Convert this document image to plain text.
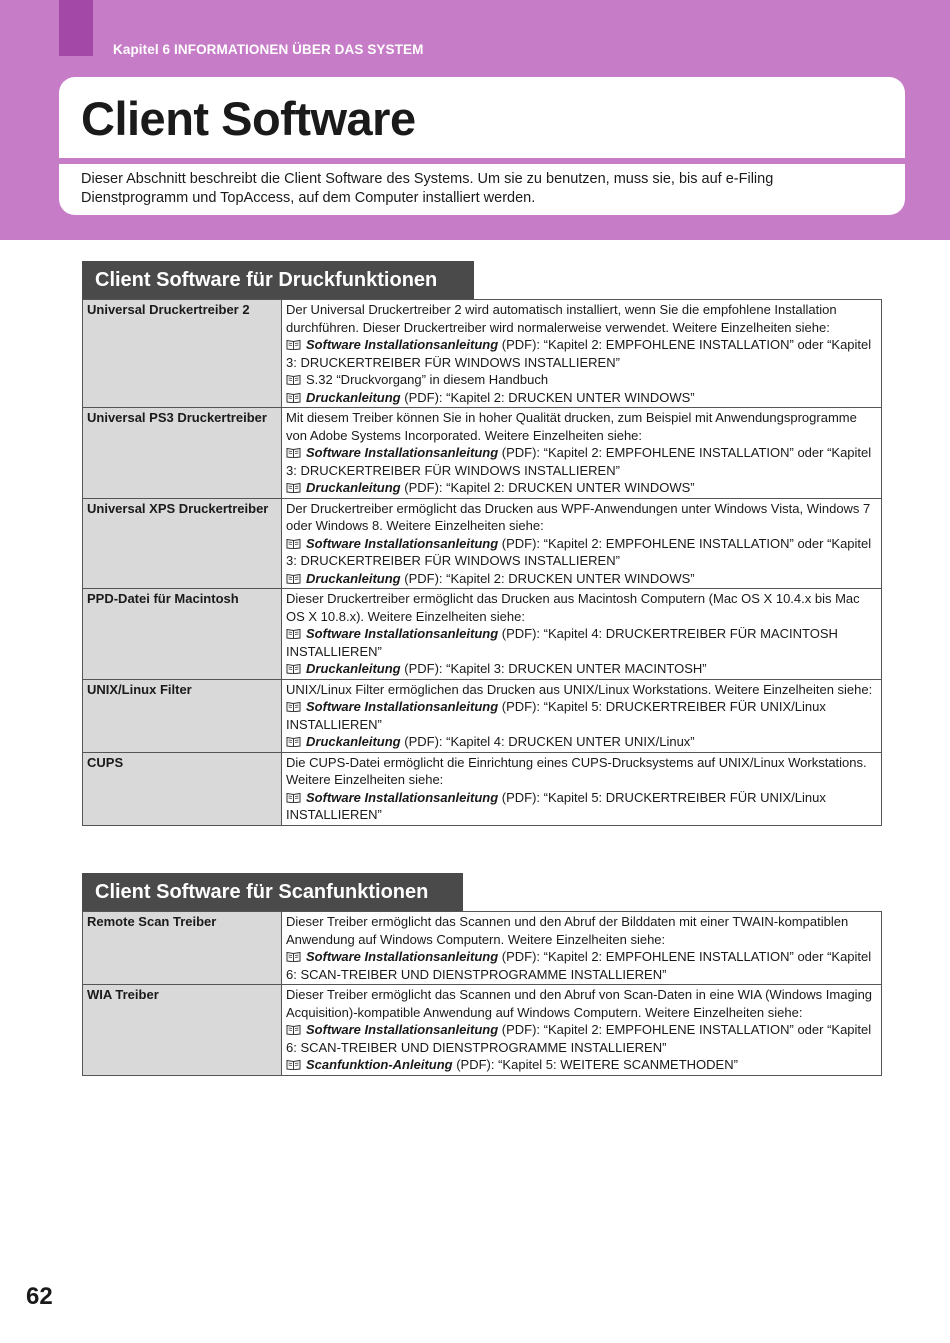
Kapitel 6 INFORMATIONEN ÜBER DAS SYSTEM
Client Software
Dieser Abschnitt beschreibt die Client Software des Systems. Um sie zu benutzen, muss sie, bis auf e-Filing Dienstprogramm und TopAccess, auf dem Computer installiert werden.
Client Software für Druckfunktionen
Universal Druckertreiber 2	Der Universal Druckertreiber 2 wird automatisch installiert, wenn Sie die empfohlene Installation durchführen. Dieser Druckertreiber wird normalerweise verwendet. Weitere Einzelheiten siehe:
Software Installationsanleitung (PDF): “Kapitel 2: EMPFOHLENE INSTALLATION” oder “Kapitel 3: DRUCKERTREIBER FÜR WINDOWS INSTALLIEREN”
S.32 “Druckvorgang” in diesem Handbuch
Druckanleitung (PDF): “Kapitel 2: DRUCKEN UNTER WINDOWS”

Universal PS3 Druckertreiber	Mit diesem Treiber können Sie in hoher Qualität drucken, zum Beispiel mit Anwendungsprogramme von Adobe Systems Incorporated. Weitere Einzelheiten siehe:
Software Installationsanleitung (PDF): “Kapitel 2: EMPFOHLENE INSTALLATION” oder “Kapitel 3: DRUCKERTREIBER FÜR WINDOWS INSTALLIEREN”
Druckanleitung (PDF): “Kapitel 2: DRUCKEN UNTER WINDOWS”

Universal XPS Druckertreiber	Der Druckertreiber ermöglicht das Drucken aus WPF-Anwendungen unter Windows Vista, Windows 7 oder Windows 8. Weitere Einzelheiten siehe:
Software Installationsanleitung (PDF): “Kapitel 2: EMPFOHLENE INSTALLATION” oder “Kapitel 3: DRUCKERTREIBER FÜR WINDOWS INSTALLIEREN”
Druckanleitung (PDF): “Kapitel 2: DRUCKEN UNTER WINDOWS”

PPD-Datei für Macintosh	Dieser Druckertreiber ermöglicht das Drucken aus Macintosh Computern (Mac OS X 10.4.x bis Mac OS X 10.8.x). Weitere Einzelheiten siehe:
Software Installationsanleitung (PDF): “Kapitel 4: DRUCKERTREIBER FÜR MACINTOSH INSTALLIEREN”
Druckanleitung (PDF): “Kapitel 3: DRUCKEN UNTER MACINTOSH”

UNIX/Linux Filter	UNIX/Linux Filter ermöglichen das Drucken aus UNIX/Linux Workstations. Weitere Einzelheiten siehe:
Software Installationsanleitung (PDF): “Kapitel 5: DRUCKERTREIBER FÜR UNIX/Linux INSTALLIEREN”
Druckanleitung (PDF): “Kapitel 4: DRUCKEN UNTER UNIX/Linux”

CUPS	Die CUPS-Datei ermöglicht die Einrichtung eines CUPS-Drucksystems auf UNIX/Linux Workstations. Weitere Einzelheiten siehe:
Software Installationsanleitung (PDF): “Kapitel 5: DRUCKERTREIBER FÜR UNIX/Linux INSTALLIEREN”
Client Software für Scanfunktionen
Remote Scan Treiber	Dieser Treiber ermöglicht das Scannen und den Abruf der Bilddaten mit einer TWAIN-kompatiblen Anwendung auf Windows Computern. Weitere Einzelheiten siehe:
Software Installationsanleitung (PDF): “Kapitel 2: EMPFOHLENE INSTALLATION” oder “Kapitel 6: SCAN-TREIBER UND DIENSTPROGRAMME INSTALLIEREN”

WIA Treiber	Dieser Treiber ermöglicht das Scannen und den Abruf von Scan-Daten in eine WIA (Windows Imaging Acquisition)-kompatible Anwendung auf Windows Computern. Weitere Einzelheiten siehe:
Software Installationsanleitung (PDF): “Kapitel 2: EMPFOHLENE INSTALLATION” oder “Kapitel 6: SCAN-TREIBER UND DIENSTPROGRAMME INSTALLIEREN”
Scanfunktion-Anleitung (PDF): “Kapitel 5: WEITERE SCANMETHODEN”
62
